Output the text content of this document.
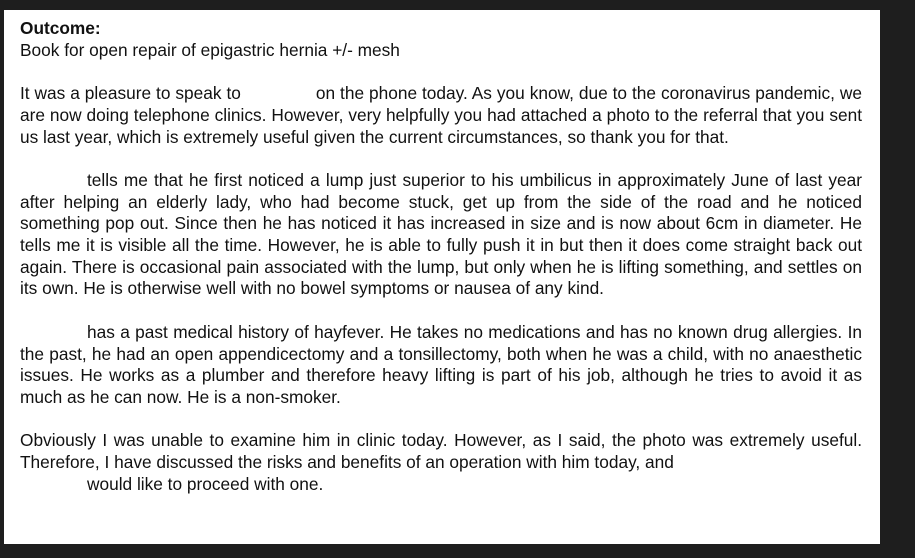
Outcome:
Book for open repair of epigastric hernia +/- mesh

It was a pleasure to speak to	on the phone today. As you know, due to the coronavirus pandemic, we are now doing telephone clinics. However, very helpfully you had attached a photo to the referral that you sent us last year, which is extremely useful given the current circumstances, so thank you for that.

tells me that he first noticed a lump just superior to his umbilicus in approximately June of last year after helping an elderly lady, who had become stuck, get up from the side of the road and he noticed something pop out. Since then he has noticed it has increased in size and is now about 6cm in diameter. He tells me it is visible all the time. However, he is able to fully push it in but then it does come straight back out again. There is occasional pain associated with the lump, but only when he is lifting something, and settles on its own. He is otherwise well with no bowel symptoms or nausea of any kind.

has a past medical history of hayfever. He takes no medications and has no known drug allergies. In the past, he had an open appendicectomy and a tonsillectomy, both when he was a child, with no anaesthetic issues. He works as a plumber and therefore heavy lifting is part of his job, although he tries to avoid it as much as he can now. He is a non-smoker.

Obviously I was unable to examine him in clinic today. However, as I said, the photo was extremely useful. Therefore, I have discussed the risks and benefits of an operation with him today, and
would like to proceed with one.
